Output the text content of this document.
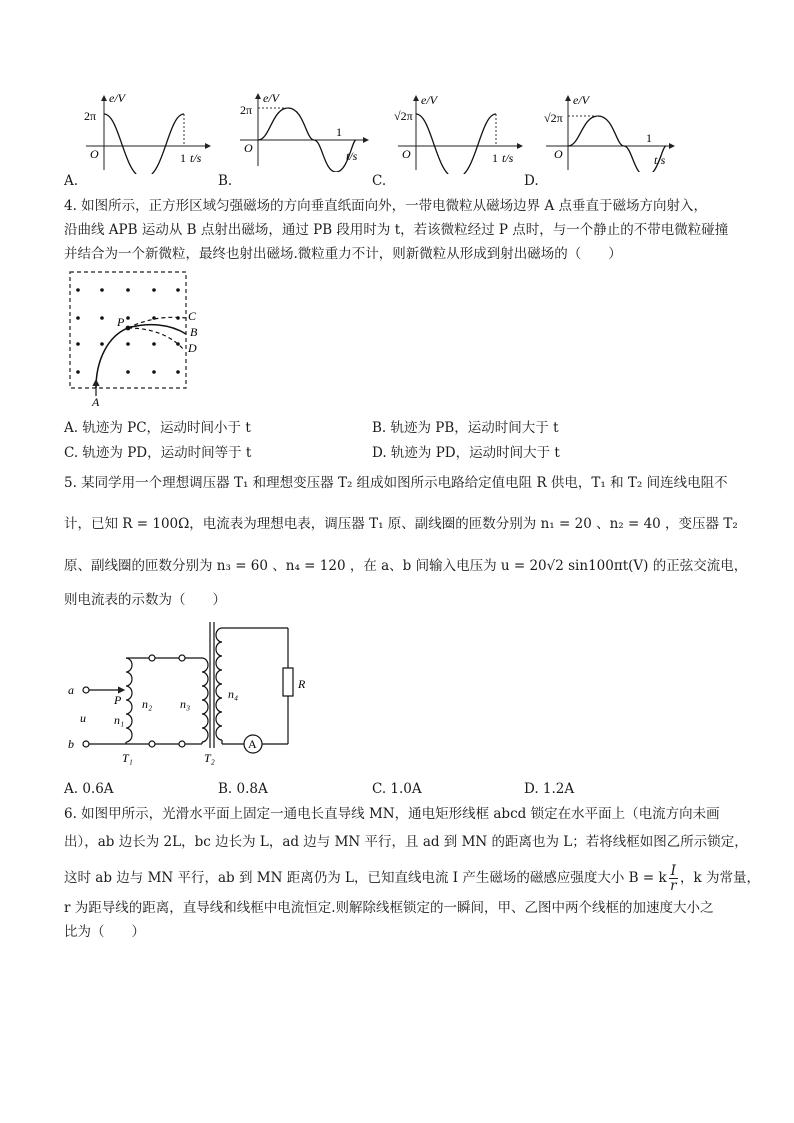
e/V
2π
O	1 t/s
A.
e/V
2π
O
1
t/s
B.
e/V
√2π
O	1 t/s
C.
e/V
√2π
O
1
t/s
D.
4. 如图所示，正方形区域匀强磁场的方向垂直纸面向外，一带电微粒从磁场边界 A 点垂直于磁场方向射入，
沿曲线 APB 运动从 B 点射出磁场，通过 PB 段用时为 t，若该微粒经过 P 点时，与一个静止的不带电微粒碰撞
并结合为一个新微粒，最终也射出磁场.微粒重力不计，则新微粒从形成到射出磁场的（　　）
A
P	C
B
D
A. 轨迹为 PC，运动时间小于 t	B. 轨迹为 PB，运动时间大于 t
C. 轨迹为 PD，运动时间等于 t	D. 轨迹为 PD，运动时间大于 t
5. 某同学用一个理想调压器 T₁ 和理想变压器 T₂ 组成如图所示电路给定值电阻 R 供电，T₁ 和 T₂ 间连线电阻不
计，已知 R = 100Ω，电流表为理想电表，调压器 T₁ 原、副线圈的匝数分别为 n₁ = 20 、n₂ = 40 ，变压器 T₂
原、副线圈的匝数分别为 n₃ = 60 、n₄ = 120 ，在 a、b 间输入电压为 u = 20√2 sin100πt(V) 的正弦交流电，
则电流表的示数为（　　）
a
b
u
P
n₁
n₂
T₁
n₃
T₂
n₄
R
A
A. 0.6A	B. 0.8A	C. 1.0A	D. 1.2A
6. 如图甲所示，光滑水平面上固定一通电长直导线 MN，通电矩形线框 abcd 锁定在水平面上（电流方向未画
出），ab 边长为 2L，bc 边长为 L，ad 边与 MN 平行，且 ad 到 MN 的距离也为 L；若将线框如图乙所示锁定，
这时 ab 边与 MN 平行，ab 到 MN 距离仍为 L，已知直线电流 I 产生磁场的磁感应强度大小 B = k $\frac{I}{r}$ ，k 为常量，
r 为距导线的距离，直导线和线框中电流恒定.则解除线框锁定的一瞬间，甲、乙图中两个线框的加速度大小之
比为（　　）
